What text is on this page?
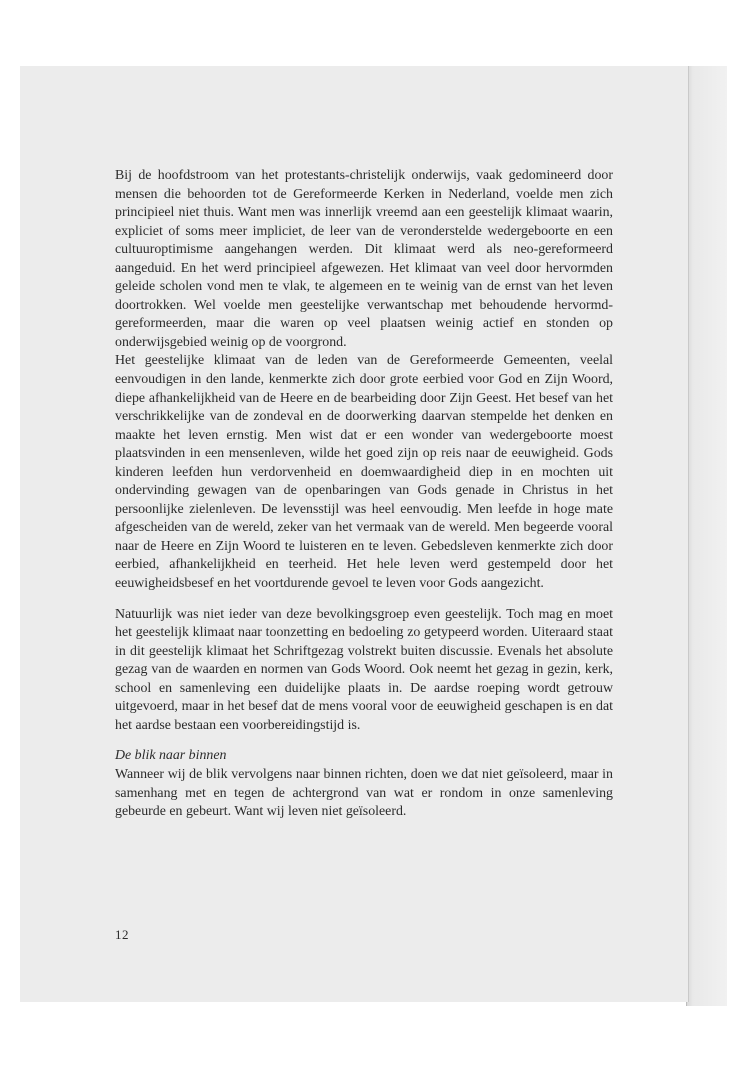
Bij de hoofdstroom van het protestants-christelijk onderwijs, vaak gedomineerd door mensen die behoorden tot de Gereformeerde Kerken in Nederland, voelde men zich principieel niet thuis. Want men was innerlijk vreemd aan een geestelijk klimaat waarin, expliciet of soms meer impliciet, de leer van de veronderstelde wedergeboorte en een cultuuroptimisme aangehangen werden. Dit klimaat werd als neo-gereformeerd aangeduid. En het werd principieel afgewezen. Het klimaat van veel door hervormden geleide scholen vond men te vlak, te algemeen en te weinig van de ernst van het leven doortrokken. Wel voelde men geestelijke verwantschap met behoudende hervormd-gereformeerden, maar die waren op veel plaatsen weinig actief en stonden op onderwijsgebied weinig op de voorgrond.

Het geestelijke klimaat van de leden van de Gereformeerde Gemeenten, veelal eenvoudigen in den lande, kenmerkte zich door grote eerbied voor God en Zijn Woord, diepe afhankelijkheid van de Heere en de bearbeiding door Zijn Geest. Het besef van het verschrikkelijke van de zondeval en de doorwerking daarvan stempelde het denken en maakte het leven ernstig. Men wist dat er een wonder van wedergeboorte moest plaatsvinden in een mensenleven, wilde het goed zijn op reis naar de eeuwigheid. Gods kinderen leefden hun verdorvenheid en doemwaardigheid diep in en mochten uit ondervinding gewagen van de openbaringen van Gods genade in Christus in het persoonlijke zielenleven. De levensstijl was heel eenvoudig. Men leefde in hoge mate afgescheiden van de wereld, zeker van het vermaak van de wereld. Men begeerde vooral naar de Heere en Zijn Woord te luisteren en te leven. Gebedsleven kenmerkte zich door eerbied, afhankelijkheid en teerheid. Het hele leven werd gestempeld door het eeuwigheidsbesef en het voortdurende gevoel te leven voor Gods aangezicht.

Natuurlijk was niet ieder van deze bevolkingsgroep even geestelijk. Toch mag en moet het geestelijk klimaat naar toonzetting en bedoeling zo getypeerd worden. Uiteraard staat in dit geestelijk klimaat het Schriftgezag volstrekt buiten discussie. Evenals het absolute gezag van de waarden en normen van Gods Woord. Ook neemt het gezag in gezin, kerk, school en samenleving een duidelijke plaats in. De aardse roeping wordt getrouw uitgevoerd, maar in het besef dat de mens vooral voor de eeuwigheid geschapen is en dat het aardse bestaan een voorbereidingstijd is.

De blik naar binnen

Wanneer wij de blik vervolgens naar binnen richten, doen we dat niet geïsoleerd, maar in samenhang met en tegen de achtergrond van wat er rondom in onze samenleving gebeurde en gebeurt. Want wij leven niet geïsoleerd.

12
